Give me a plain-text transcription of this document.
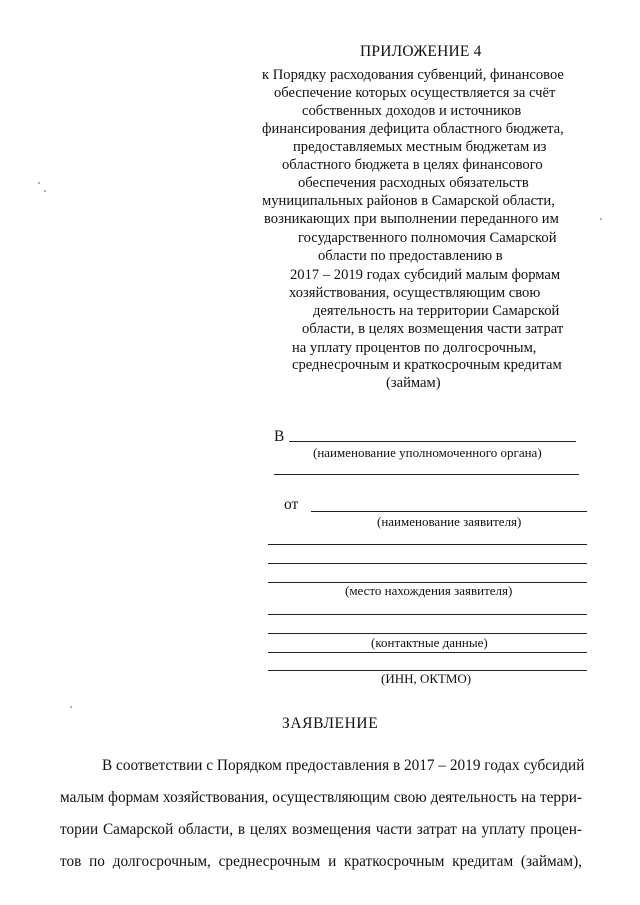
ПРИЛОЖЕНИЕ 4
к Порядку расходования субвенций, финансовое
обеспечение которых осуществляется за счёт
собственных доходов и источников
финансирования дефицита областного бюджета,
предоставляемых местным бюджетам из
областного бюджета в целях финансового
обеспечения расходных обязательств
муниципальных районов в Самарской области,
возникающих при выполнении переданного им
государственного полномочия Самарской
области по предоставлению в
2017 – 2019 годах субсидий малым формам
хозяйствования, осуществляющим свою
деятельность на территории Самарской
области, в целях возмещения части затрат
на уплату процентов по долгосрочным,
среднесрочным и краткосрочным кредитам
(займам)
В
(наименование уполномоченного органа)
от
(наименование заявителя)
(место нахождения заявителя)
(контактные данные)
(ИНН, ОКТМО)
ЗАЯВЛЕНИЕ
В соответствии с Порядком предоставления в 2017 – 2019 годах субсидий
малым формам хозяйствования, осуществляющим свою деятельность на терри-
тории Самарской области, в целях возмещения части затрат на уплату процен-
тов по долгосрочным, среднесрочным и краткосрочным кредитам (займам),
